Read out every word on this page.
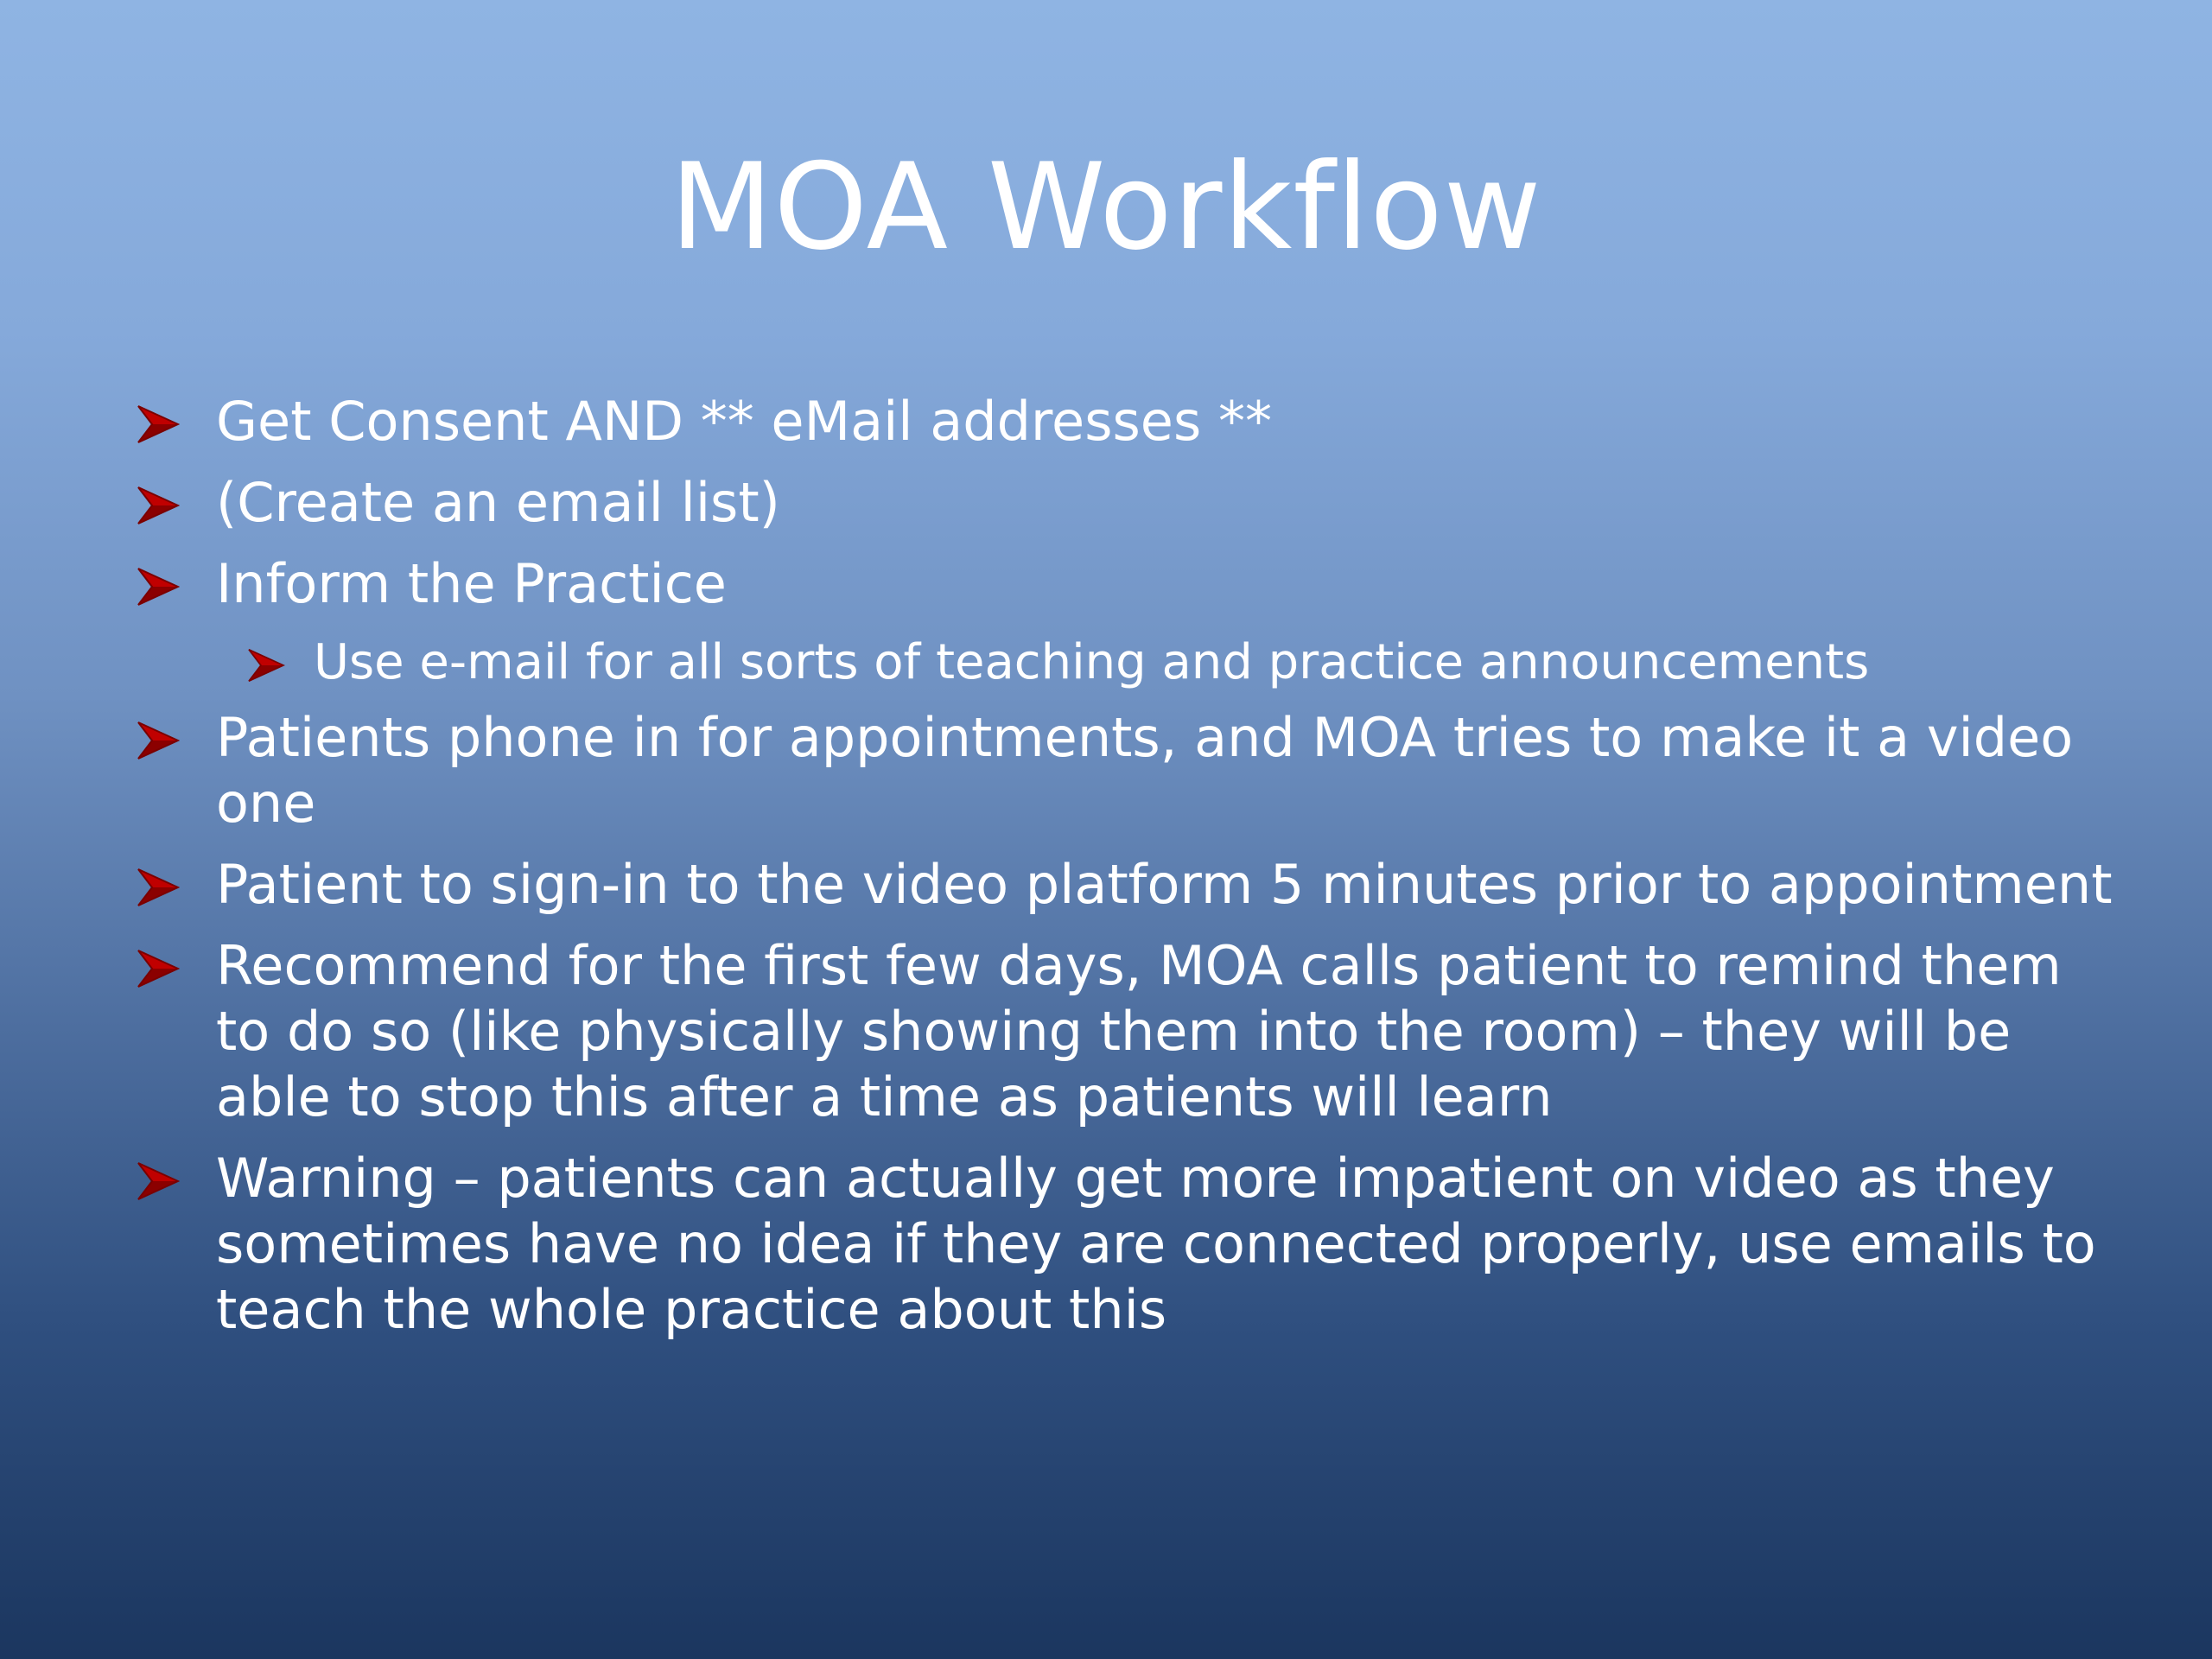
MOA Workflow
Get Consent AND ** eMail addresses **
(Create an email list)
Inform the Practice
Use e-mail for all sorts of teaching and practice announcements
Patients phone in for appointments, and MOA tries to make it a video one
Patient to sign-in to the video platform 5 minutes prior to appointment
Recommend for the first few days, MOA calls patient to remind them to do so (like physically showing them into the room) – they will be able to stop this after a time as patients will learn
Warning – patients can actually get more impatient on video as they sometimes have no idea if they are connected properly, use emails to teach the whole practice about this
